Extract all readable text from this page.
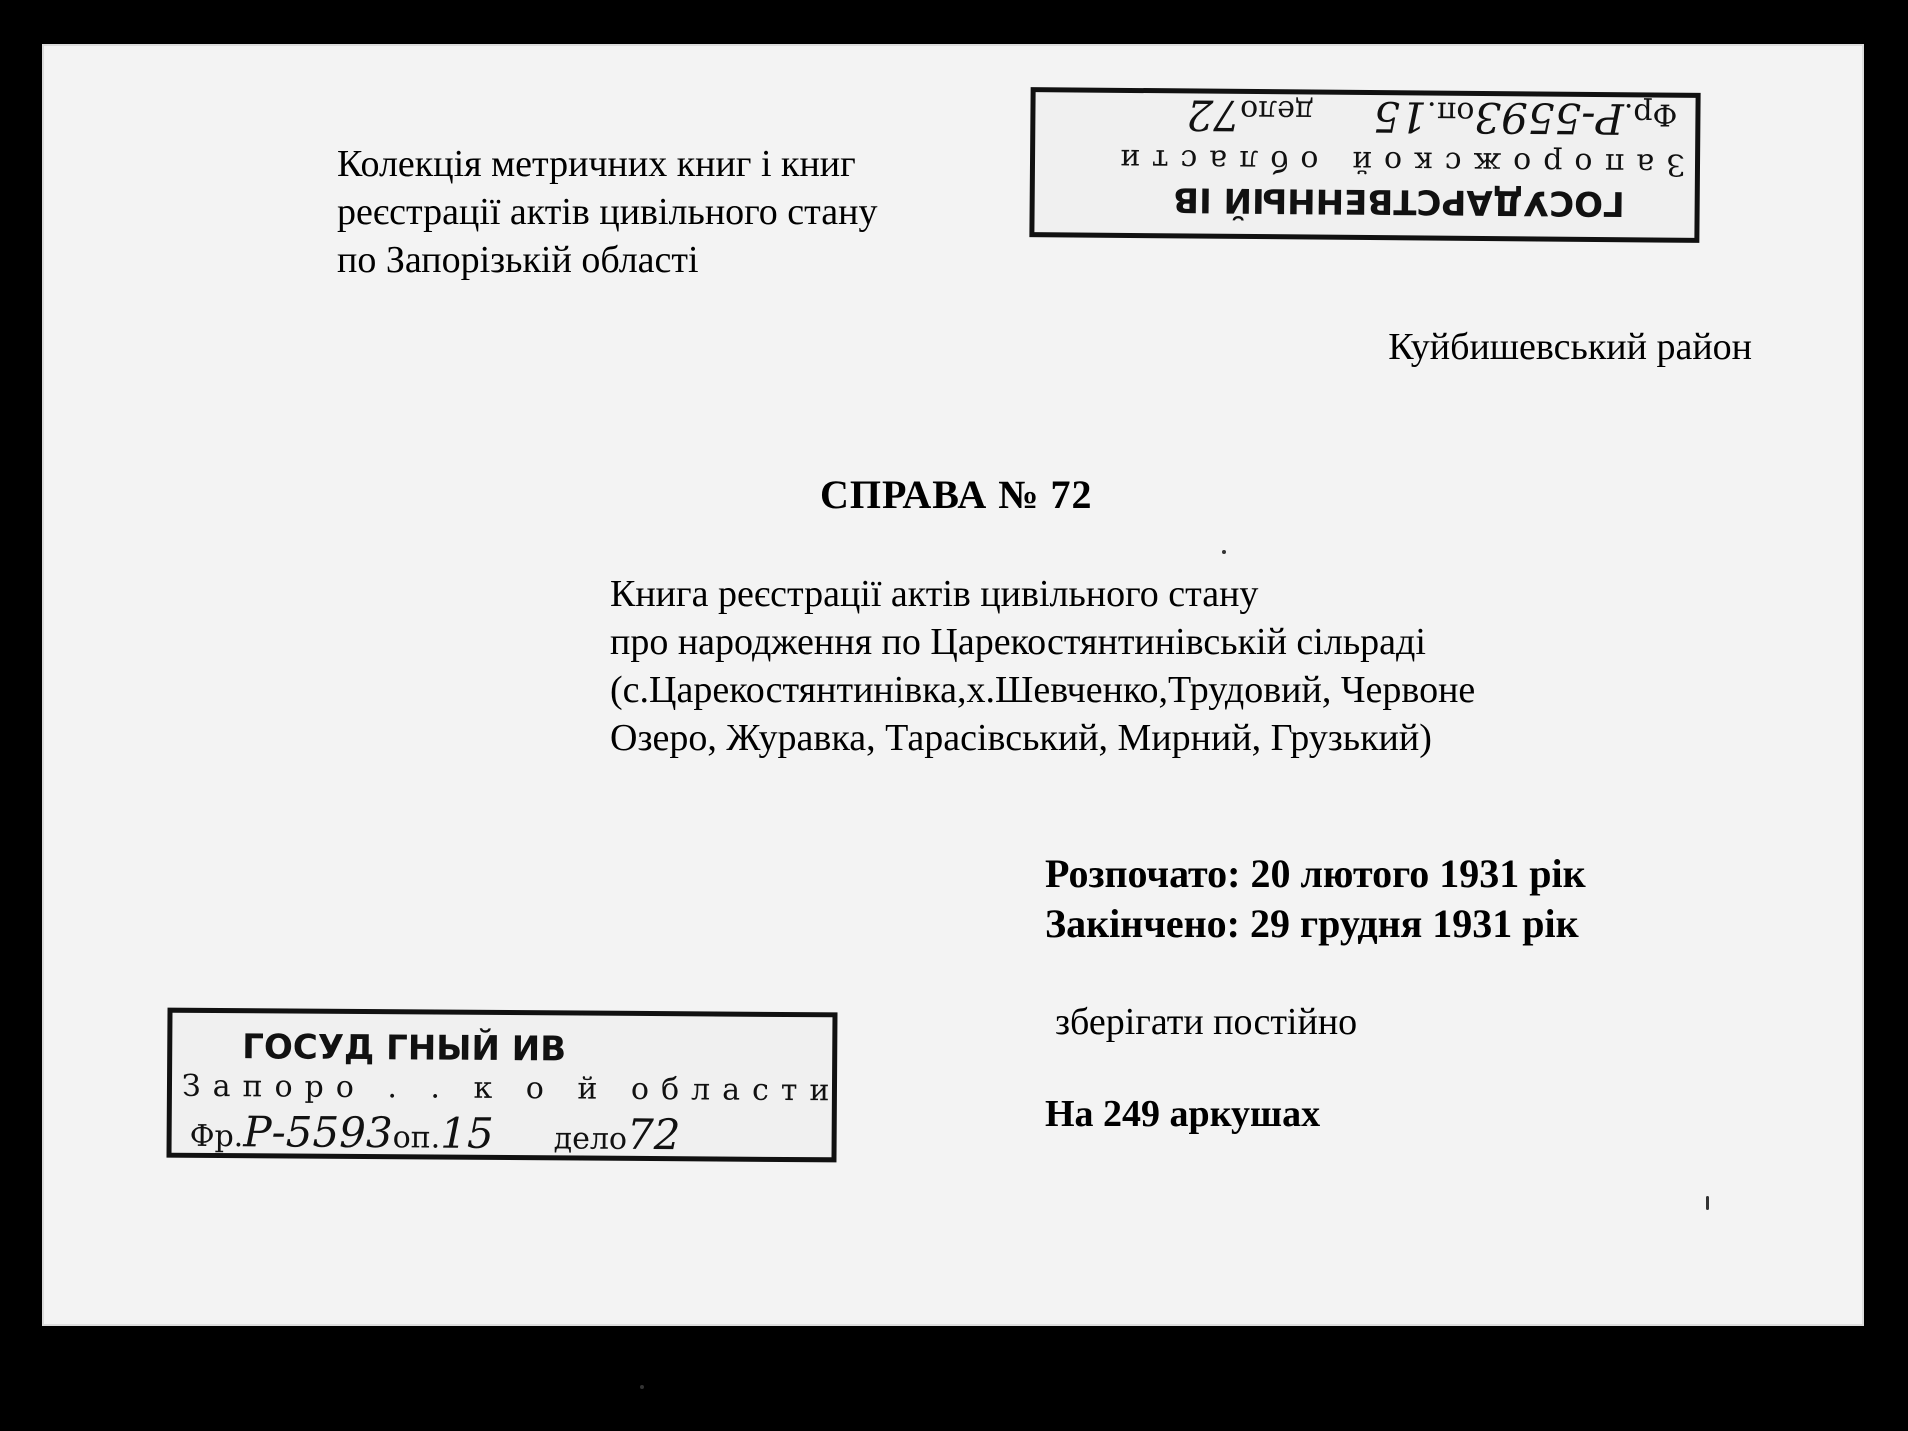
Колекція метричних книг і книг
реєстрації актів цивільного стану
по Запорізькій області
Куйбишевський район
СПРАВА № 72
Книга реєстрації актів цивільного стану
про народження по Царекостянтинівській сільраді
(с.Царекостянтинівка,х.Шевченко,Трудовий, Червоне
Озеро, Журавка, Тарасівський, Мирний, Грузький)
Розпочато: 20 лютого 1931 рік
Закінчено: 29 грудня 1931 рік
зберігати постійно
На 249 аркушах
ГОСУДАРСТВЕННЫЙ IВ
Запорожской области
Фр.Р-5593оп.15дело72
ГОСУД ГНЫЙ ИВ
Запоро . . к о й области
Фр.Р-5593оп.15 дело72
